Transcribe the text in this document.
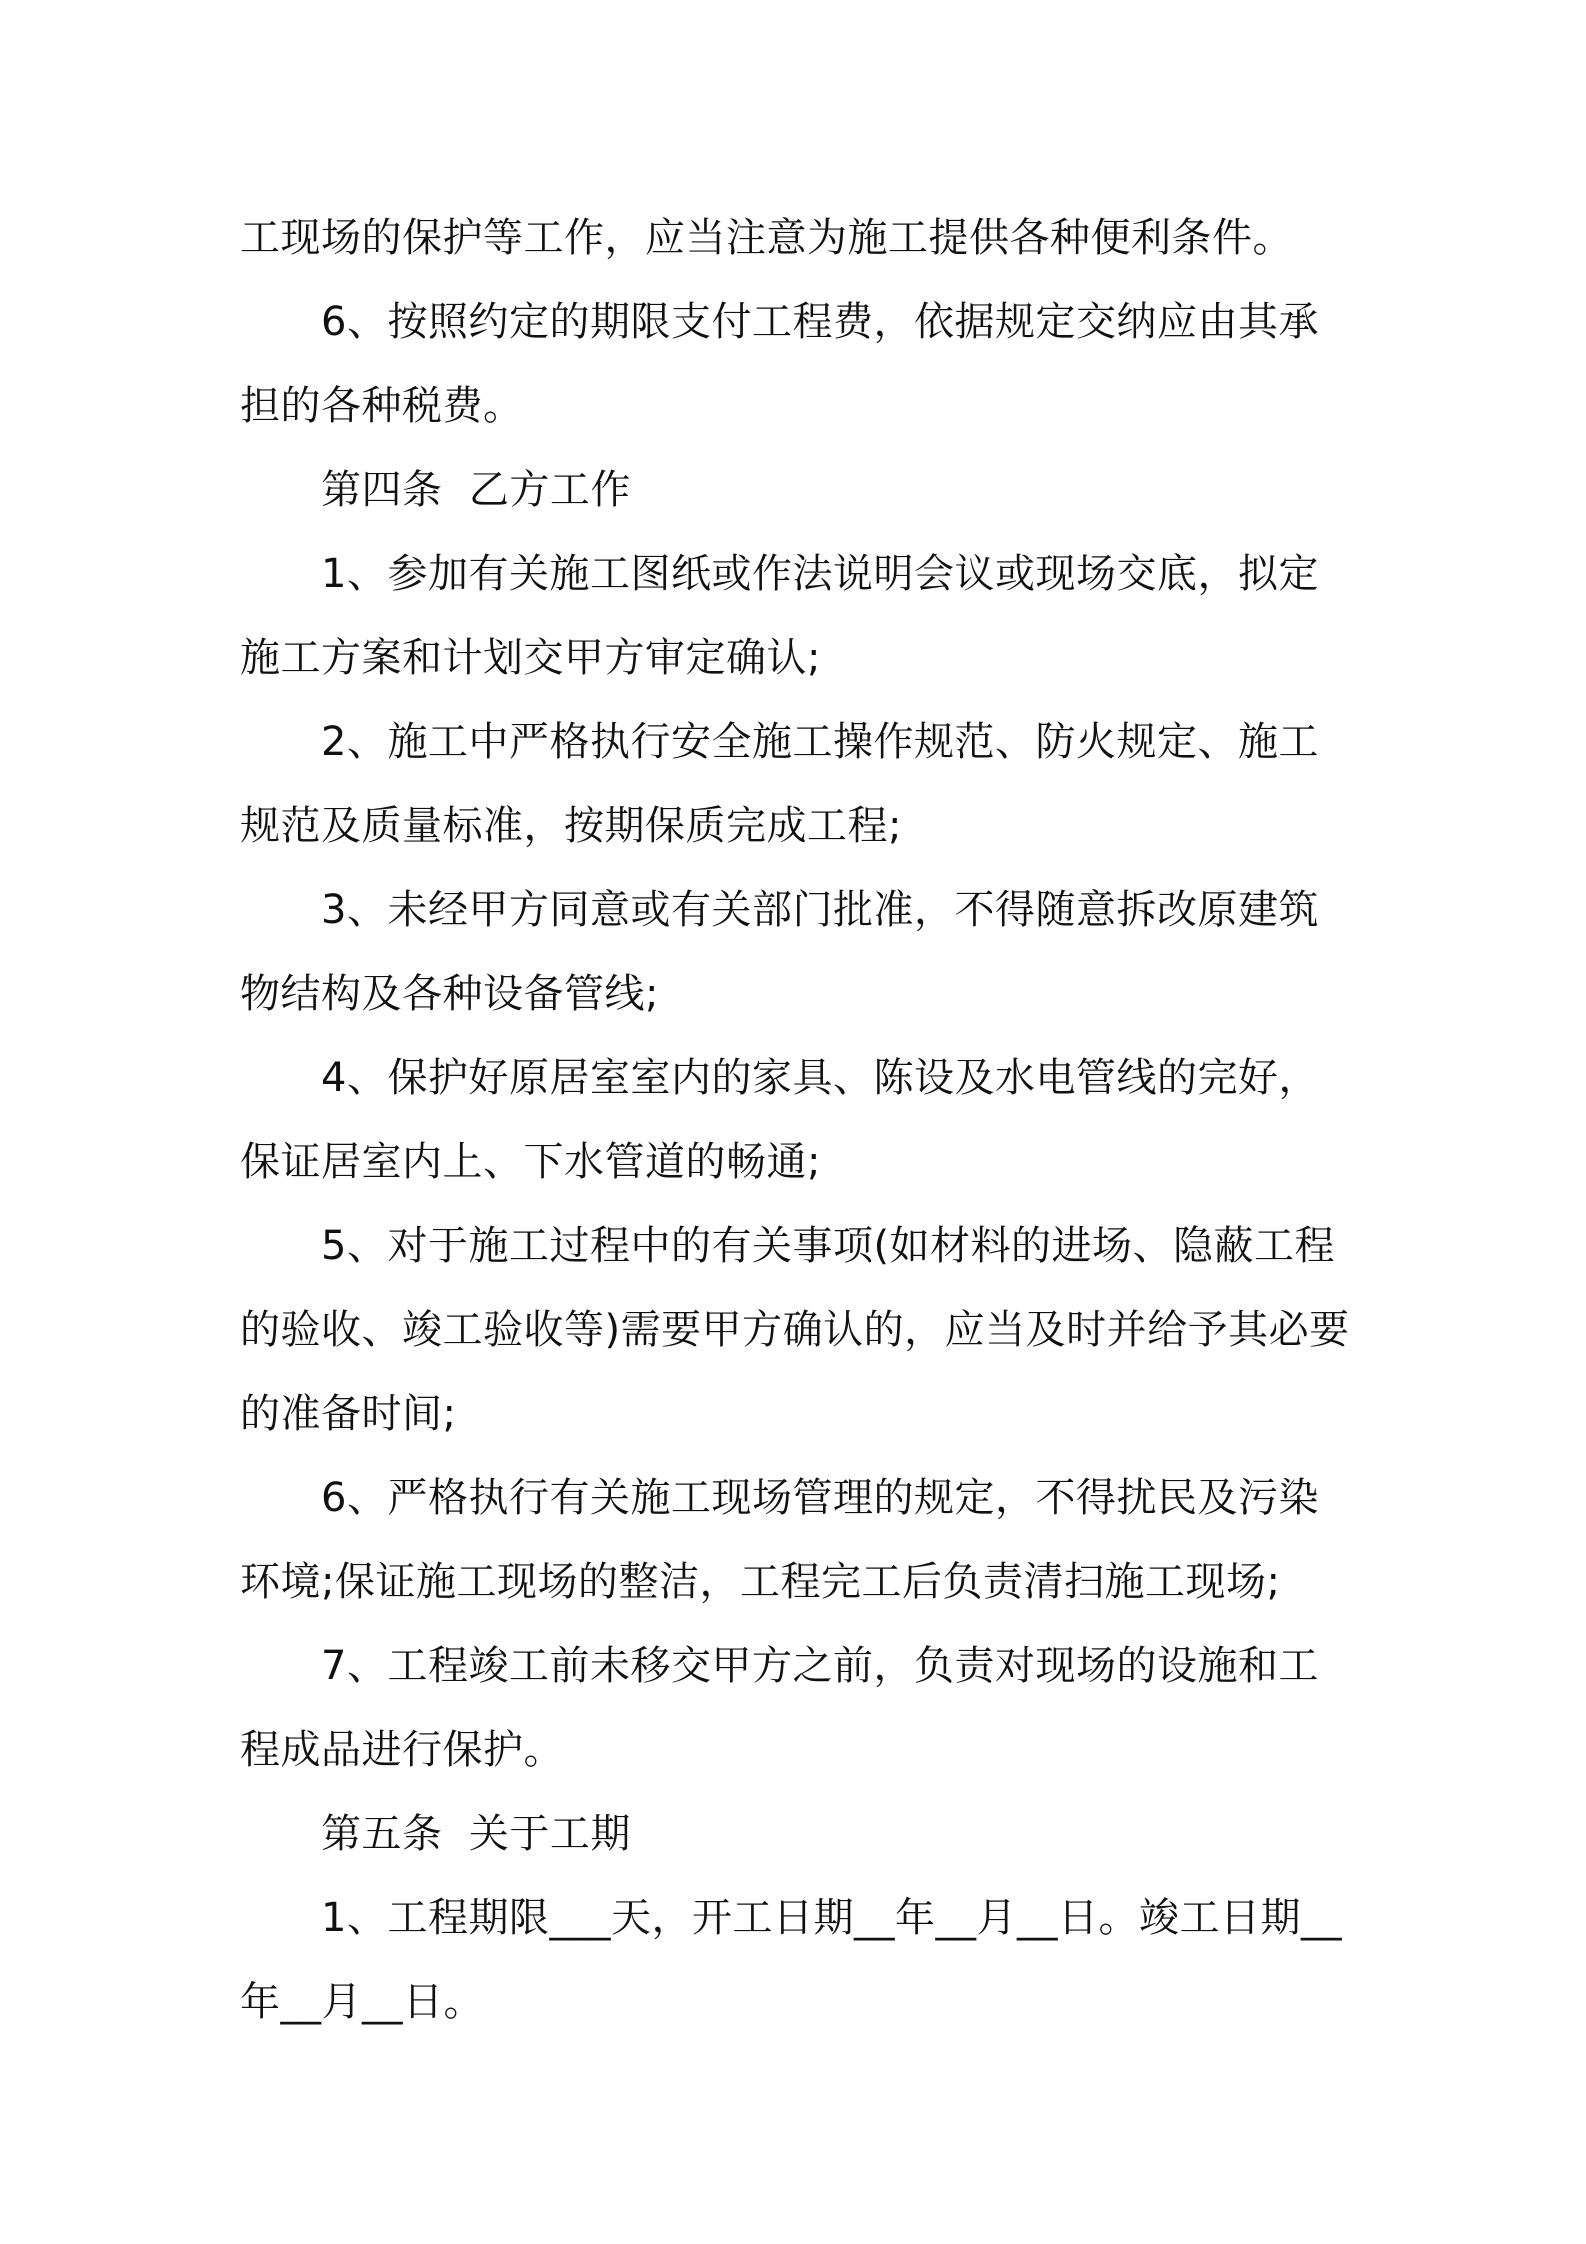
工现场的保护等工作，应当注意为施工提供各种便利条件。

　　6、按照约定的期限支付工程费，依据规定交纳应由其承担的各种税费。

　　第四条  乙方工作

　　1、参加有关施工图纸或作法说明会议或现场交底，拟定施工方案和计划交甲方审定确认;

　　2、施工中严格执行安全施工操作规范、防火规定、施工规范及质量标准，按期保质完成工程;

　　3、未经甲方同意或有关部门批准，不得随意拆改原建筑物结构及各种设备管线;

　　4、保护好原居室室内的家具、陈设及水电管线的完好，保证居室内上、下水管道的畅通;

　　5、对于施工过程中的有关事项(如材料的进场、隐蔽工程的验收、竣工验收等)需要甲方确认的，应当及时并给予其必要的准备时间;

　　6、严格执行有关施工现场管理的规定，不得扰民及污染环境;保证施工现场的整洁，工程完工后负责清扫施工现场;

　　7、工程竣工前未移交甲方之前，负责对现场的设施和工程成品进行保护。

　　第五条  关于工期

　　1、工程期限___天，开工日期__年__月__日。竣工日期__年__月__日。
